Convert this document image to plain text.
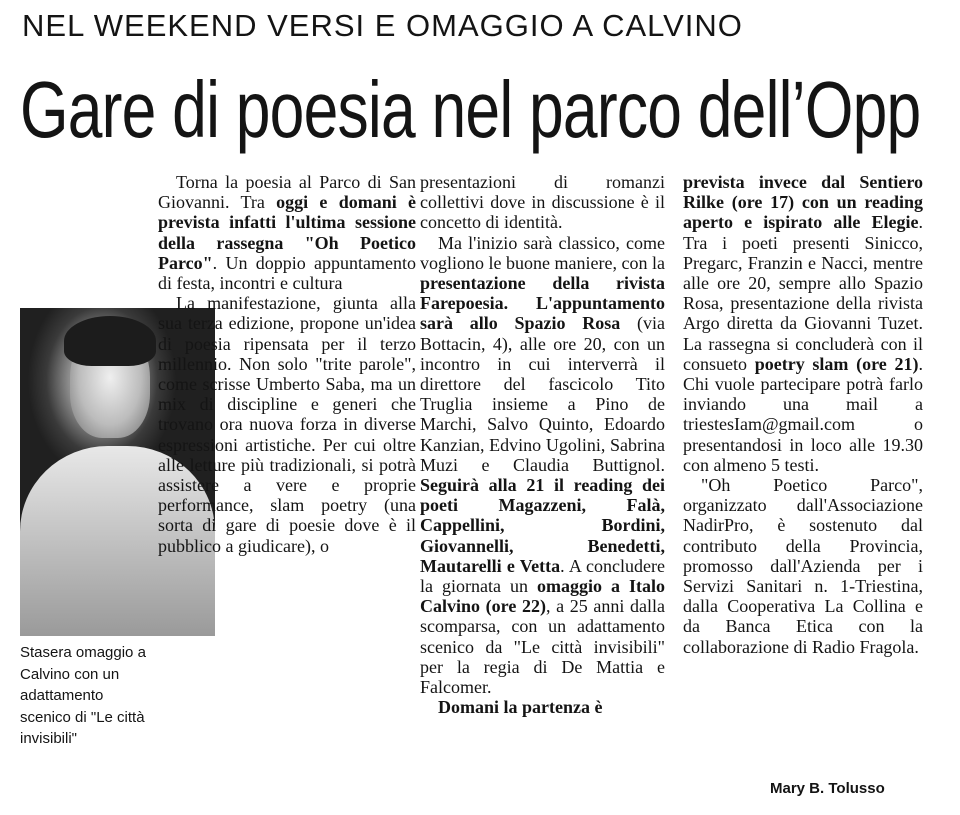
NEL WEEKEND VERSI E OMAGGIO A CALVINO
Gare di poesia nel parco dell’Opp
Stasera omaggio a Calvino con un adattamento scenico di "Le città invisibili"

Torna la poesia al Parco di San Giovanni. Tra oggi e domani è prevista infatti l'ultima sessione della rassegna "Oh Poetico Parco". Un doppio appuntamento di festa, incontri e cultura

La manifestazione, giunta alla sua terza edizione, propone un'idea di poesia ripensata per il terzo millennio. Non solo "trite parole", come scrisse Umberto Saba, ma un mix di discipline e generi che trovano ora nuova forza in diverse espressioni artistiche. Per cui oltre alle letture più tradizionali, si potrà assistere a vere e proprie performance, slam poetry (una sorta di gare di poesie dove è il pubblico a giudicare), o

presentazioni di romanzi collettivi dove in discussione è il concetto di identità.

Ma l'inizio sarà classico, come vogliono le buone maniere, con la presentazione della rivista Farepoesia. L'appuntamento sarà allo Spazio Rosa (via Bottacin, 4), alle ore 20, con un incontro in cui interverrà il direttore del fascicolo Tito Truglia insieme a Pino de Marchi, Salvo Quinto, Edoardo Kanzian, Edvino Ugolini, Sabrina Muzi e Claudia Buttignol. Seguirà alla 21 il reading dei poeti Magazzeni, Falà, Cappellini, Bordini, Giovannelli, Benedetti, Mautarelli e Vetta. A concludere la giornata un omaggio a Italo Calvino (ore 22), a 25 anni dalla scomparsa, con un adattamento scenico da "Le città invisibili" per la regia di De Mattia e Falcomer.

Domani la partenza è

prevista invece dal Sentiero Rilke (ore 17) con un reading aperto e ispirato alle Elegie. Tra i poeti presenti Sinicco, Pregarc, Franzin e Nacci, mentre alle ore 20, sempre allo Spazio Rosa, presentazione della rivista Argo diretta da Giovanni Tuzet. La rassegna si concluderà con il consueto poetry slam (ore 21). Chi vuole partecipare potrà farlo inviando una mail a triestesIam@gmail.com o presentandosi in loco alle 19.30 con almeno 5 testi.

"Oh Poetico Parco", organizzato dall'Associazione NadirPro, è sostenuto dal contributo della Provincia, promosso dall'Azienda per i Servizi Sanitari n. 1-Triestina, dalla Cooperativa La Collina e da Banca Etica con la collaborazione di Radio Fragola.

Mary B. Tolusso
